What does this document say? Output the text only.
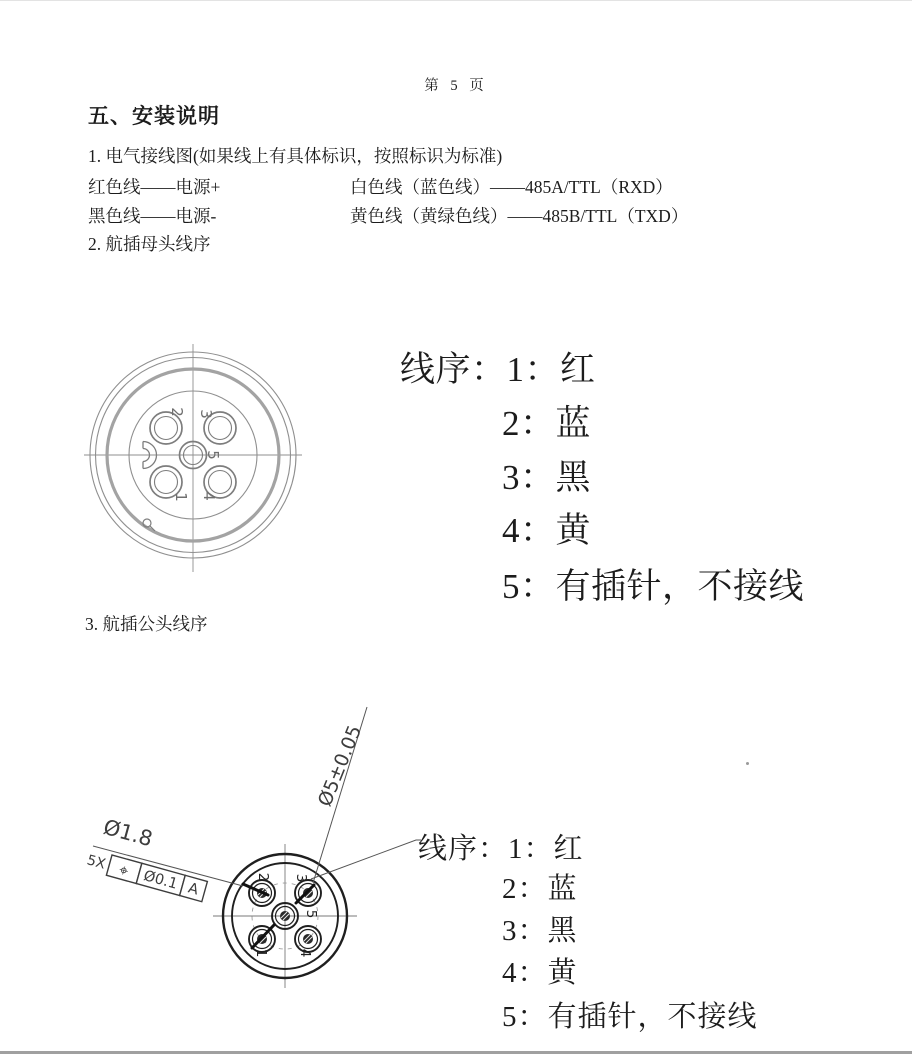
第 5 页
五、安装说明
1. 电气接线图(如果线上有具体标识，按照标识为标准)
红色线——电源+	白色线（蓝色线）——485A/TTL（RXD）
黑色线——电源-	黄色线（黄绿色线）——485B/TTL（TXD）
2. 航插母头线序
2 3
5
1 4
线序：1：红
2：蓝
3：黑
4：黄
5：有插针，不接线
3. 航插公头线序
Ø1.8
Ø5±0.05
5X ⌖ Ø0.1 A
2 3
5
1 4
线序：1：红
2：蓝
3：黑
4：黄
5：有插针，不接线
